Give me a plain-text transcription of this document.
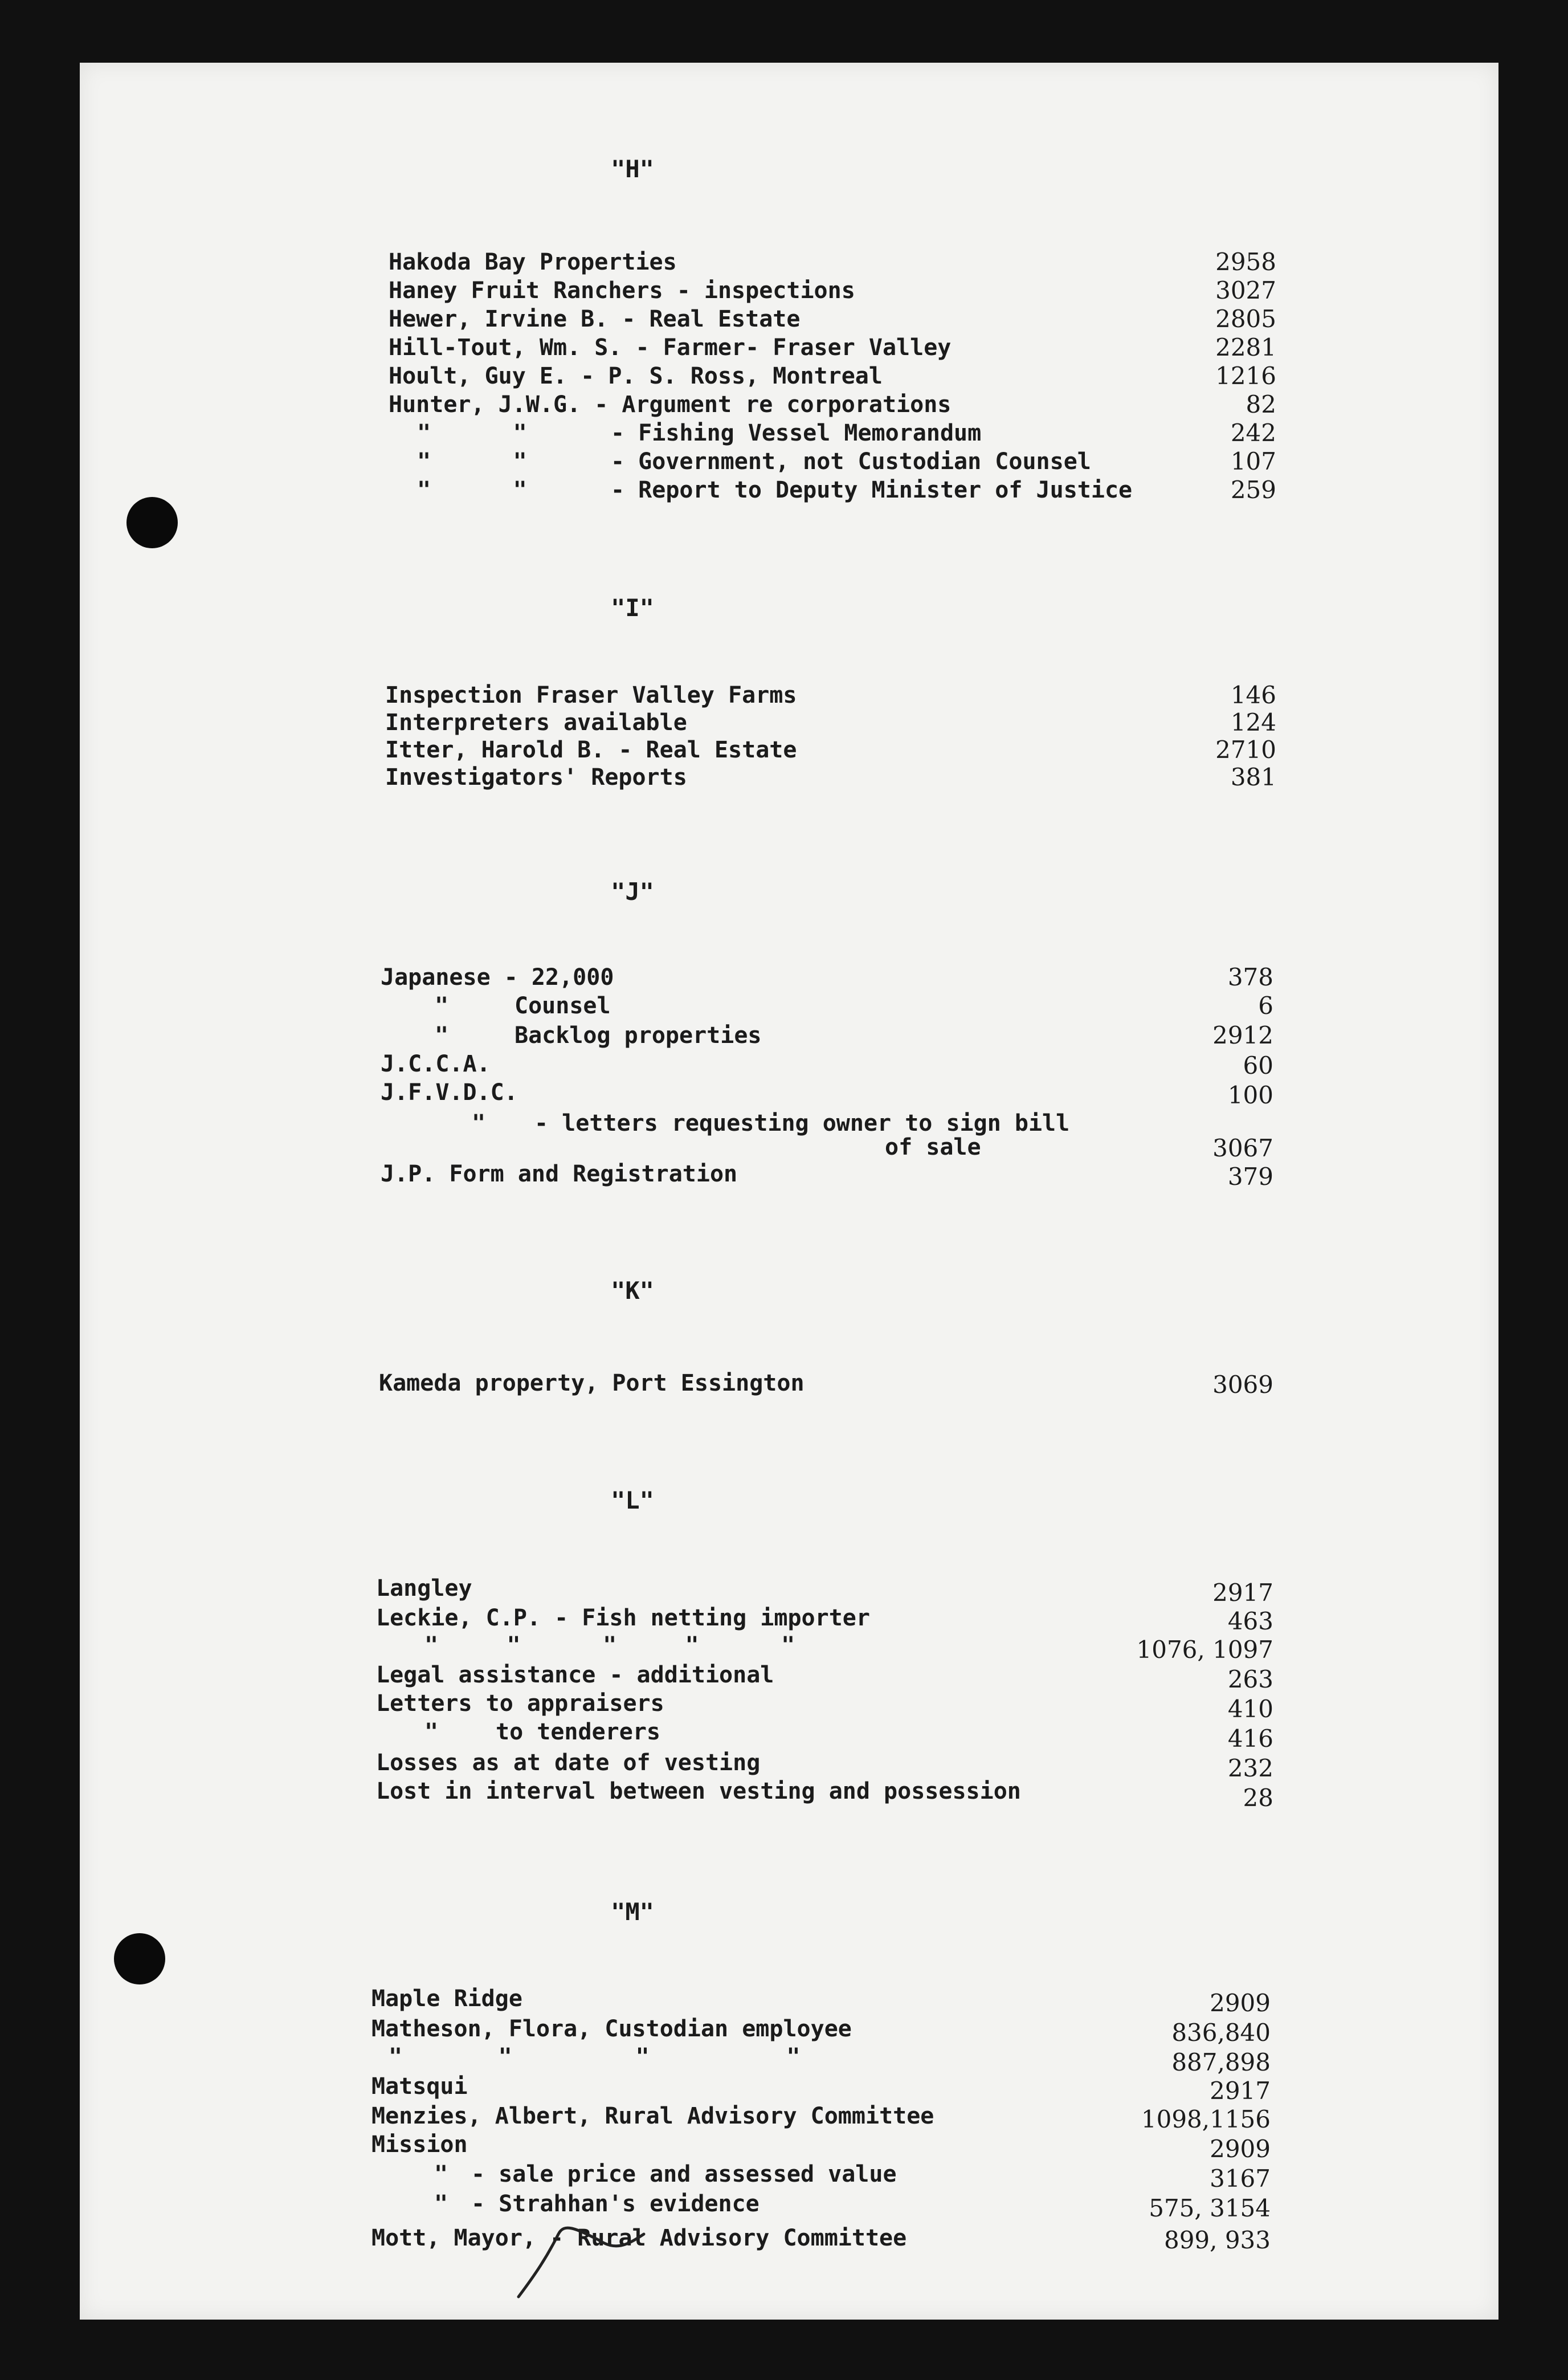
"H"
Hakoda Bay Properties	2958
Haney Fruit Ranchers - inspections	3027
Hewer, Irvine B. - Real Estate	2805
Hill-Tout, Wm. S. - Farmer- Fraser Valley	2281
Hoult, Guy E. - P. S. Ross, Montreal	1216
Hunter, J.W.G. - Argument re corporations	82
"      "	- Fishing Vessel Memorandum	242
"      "	- Government, not Custodian Counsel	107
"      "	- Report to Deputy Minister of Justice	259
"I"
Inspection Fraser Valley Farms	146
Interpreters available	124
Itter, Harold B. - Real Estate	2710
Investigators' Reports	381
"J"
Japanese - 22,000	378
"	Counsel	6
"	Backlog properties	2912
J.C.C.A.	60
J.F.V.D.C.	100
" - letters requesting owner to sign bill
of sale	3067
J.P. Form and Registration	379
"K"
Kameda property, Port Essington	3069
"L"
Langley	2917
Leckie, C.P. - Fish netting importer	463
"     "      "     "      "	1076, 1097
Legal assistance - additional	263
Letters to appraisers	410
"	to tenderers	416
Losses as at date of vesting	232
Lost in interval between vesting and possession	28
"M"
Maple Ridge	2909
Matheson, Flora, Custodian employee	836,840
"       "         "          "	887,898
Matsqui	2917
Menzies, Albert, Rural Advisory Committee	1098,1156
Mission	2909
" - sale price and assessed value	3167
" - Strahhan's evidence	575, 3154
Mott, Mayor, - Rural Advisory Committee	899, 933
